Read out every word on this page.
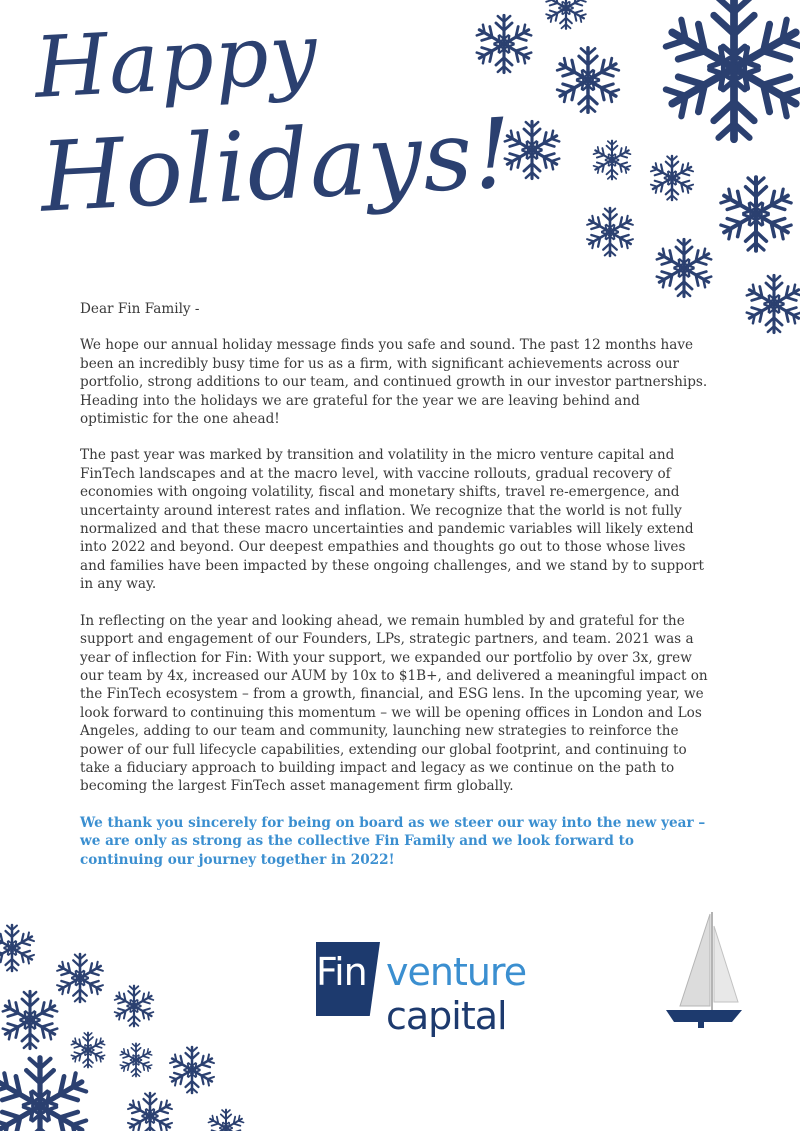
Happy
Holidays!

Dear Fin Family -

We hope our annual holiday message finds you safe and sound. The past 12 months have been an incredibly busy time for us as a firm, with significant achievements across our portfolio, strong additions to our team, and continued growth in our investor partnerships. Heading into the holidays we are grateful for the year we are leaving behind and optimistic for the one ahead!

The past year was marked by transition and volatility in the micro venture capital and FinTech landscapes and at the macro level, with vaccine rollouts, gradual recovery of economies with ongoing volatility, fiscal and monetary shifts, travel re-emergence, and uncertainty around interest rates and inflation. We recognize that the world is not fully normalized and that these macro uncertainties and pandemic variables will likely extend into 2022 and beyond. Our deepest empathies and thoughts go out to those whose lives and families have been impacted by these ongoing challenges, and we stand by to support in any way.

In reflecting on the year and looking ahead, we remain humbled by and grateful for the support and engagement of our Founders, LPs, strategic partners, and team. 2021 was a year of inflection for Fin: With your support, we expanded our portfolio by over 3x, grew our team by 4x, increased our AUM by 10x to $1B+, and delivered a meaningful impact on the FinTech ecosystem – from a growth, financial, and ESG lens. In the upcoming year, we look forward to continuing this momentum – we will be opening offices in London and Los Angeles, adding to our team and community, launching new strategies to reinforce the power of our full lifecycle capabilities, extending our global footprint, and continuing to take a fiduciary approach to building impact and legacy as we continue on the path to becoming the largest FinTech asset management firm globally.

We thank you sincerely for being on board as we steer our way into the new year – we are only as strong as the collective Fin Family and we look forward to continuing our journey together in 2022!

Fin venture capital
